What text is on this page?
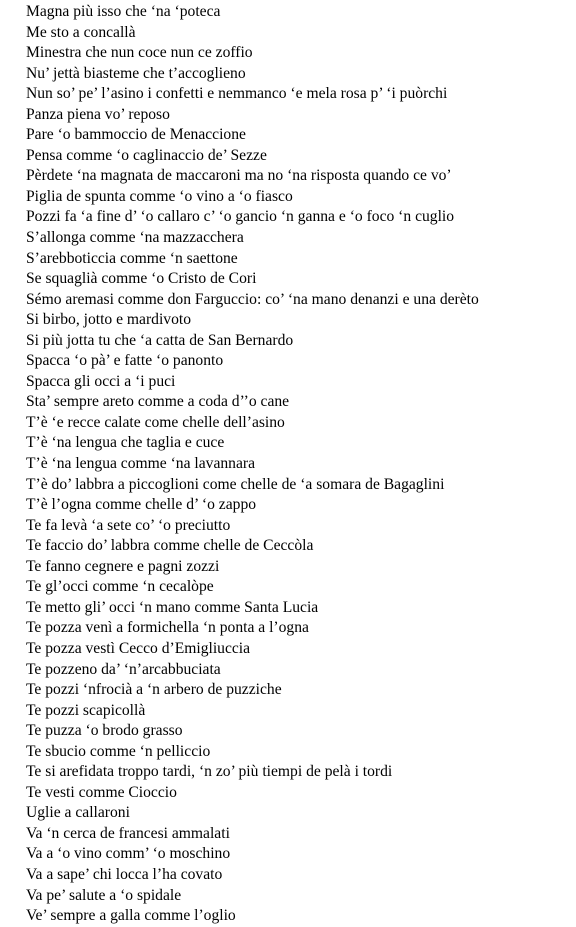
Magna più isso che ‘na ‘poteca
Me sto a concallà
Minestra che nun coce nun ce zoffio
Nu’ jettà biasteme che t’accoglieno
Nun so’ pe’ l’asino i confetti e nemmanco ‘e mela rosa p’ ‘i puòrchi
Panza piena vo’ reposo
Pare ‘o bammoccio de Menaccione
Pensa comme ‘o caglinaccio de’ Sezze
Pèrdete ‘na magnata de maccaroni ma no ‘na risposta quando ce vo’
Piglia de spunta comme ‘o vino a ‘o fiasco
Pozzi fa ‘a fine d’ ‘o callaro c’ ‘o gancio ‘n ganna e ‘o foco ‘n cuglio
S’allonga comme ‘na mazzacchera
S’arebboticcia comme ‘n saettone
Se squaglià comme ‘o Cristo de Cori
Sémo aremasi comme don Farguccio: co’ ‘na mano denanzi e una derèto
Si birbo, jotto e mardivoto
Si più jotta tu che ‘a catta de San Bernardo
Spacca ‘o pà’ e fatte ‘o panonto
Spacca gli occi a ‘i puci
Sta’ sempre areto comme a coda d’’o cane
T’è ‘e recce calate come chelle dell’asino
T’è ‘na lengua che taglia e cuce
T’è ‘na lengua comme ‘na lavannara
T’è do’ labbra a piccoglioni come chelle de ‘a somara de Bagaglini
T’è l’ogna comme chelle d’ ‘o zappo
Te fa levà ‘a sete co’ ‘o preciutto
Te faccio do’ labbra comme chelle de Ceccòla
Te fanno cegnere e pagni zozzi
Te gl’occi comme ‘n cecalòpe
Te metto gli’ occi ‘n mano comme Santa Lucia
Te pozza venì a formichella ‘n ponta a l’ogna
Te pozza vestì Cecco d’Emigliuccia
Te pozzeno da’ ‘n’arcabbuciata
Te pozzi ‘nfrocià a ‘n arbero de puzziche
Te pozzi scapicollà
Te puzza ‘o brodo grasso
Te sbucio comme ‘n pelliccio
Te si arefidata troppo tardi, ‘n zo’ più tiempi de pelà i tordi
Te vesti comme Cioccio
Uglie a callaroni
Va ‘n cerca de francesi ammalati
Va a ‘o vino comm’ ‘o moschino
Va a sape’ chi locca l’ha covato
Va pe’ salute a ‘o spidale
Ve’ sempre a galla comme l’oglio
